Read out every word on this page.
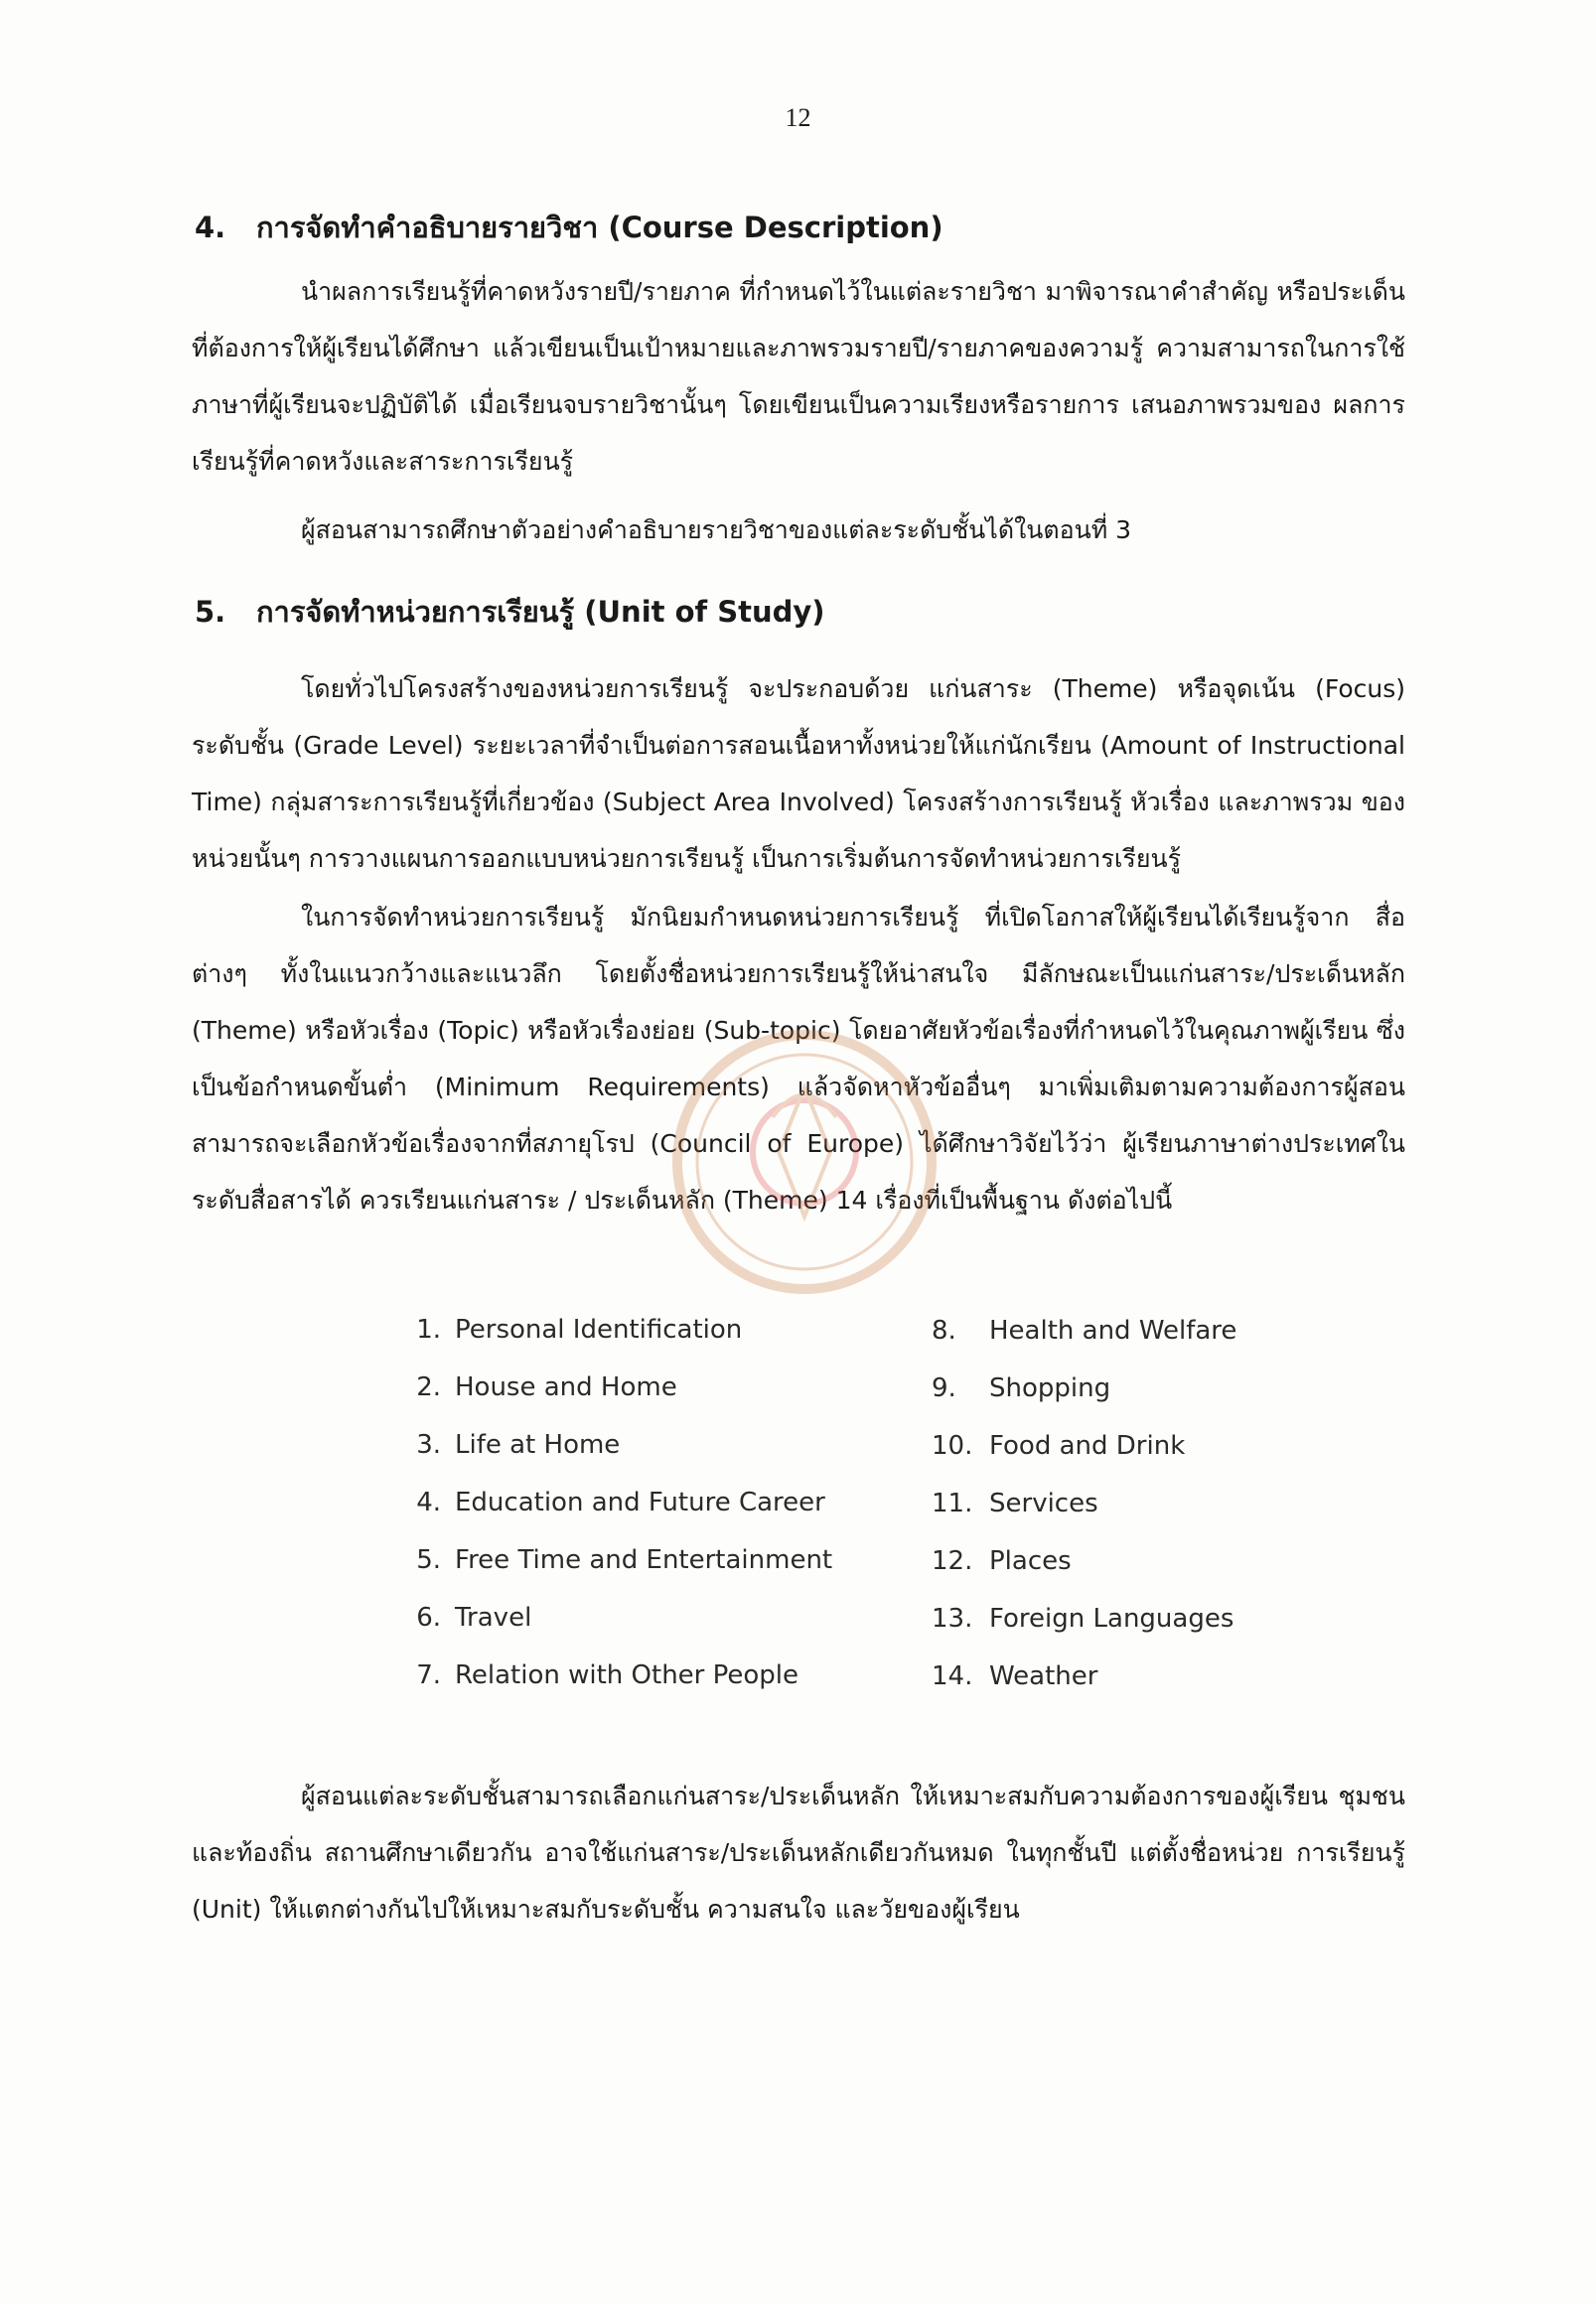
12
4. การจัดทำคำอธิบายรายวิชา (Course Description)

นำผลการเรียนรู้ที่คาดหวังรายปี/รายภาค ที่กำหนดไว้ในแต่ละรายวิชา มาพิจารณาคำสำคัญ หรือประเด็น ที่ต้องการให้ผู้เรียนได้ศึกษา แล้วเขียนเป็นเป้าหมายและภาพรวมรายปี/รายภาคของความรู้ ความสามารถในการใช้ ภาษาที่ผู้เรียนจะปฏิบัติได้ เมื่อเรียนจบรายวิชานั้นๆ โดยเขียนเป็นความเรียงหรือรายการ เสนอภาพรวมของ ผลการเรียนรู้ที่คาดหวังและสาระการเรียนรู้

ผู้สอนสามารถศึกษาตัวอย่างคำอธิบายรายวิชาของแต่ละระดับชั้นได้ในตอนที่ 3

5. การจัดทำหน่วยการเรียนรู้ (Unit of Study)

โดยทั่วไปโครงสร้างของหน่วยการเรียนรู้ จะประกอบด้วย แก่นสาระ (Theme) หรือจุดเน้น (Focus) ระดับชั้น (Grade Level) ระยะเวลาที่จำเป็นต่อการสอนเนื้อหาทั้งหน่วยให้แก่นักเรียน (Amount of Instructional Time) กลุ่มสาระการเรียนรู้ที่เกี่ยวข้อง (Subject Area Involved) โครงสร้างการเรียนรู้ หัวเรื่อง และภาพรวม ของหน่วยนั้นๆ การวางแผนการออกแบบหน่วยการเรียนรู้ เป็นการเริ่มต้นการจัดทำหน่วยการเรียนรู้

ในการจัดทำหน่วยการเรียนรู้ มักนิยมกำหนดหน่วยการเรียนรู้ ที่เปิดโอกาสให้ผู้เรียนได้เรียนรู้จาก สื่อต่างๆ ทั้งในแนวกว้างและแนวลึก โดยตั้งชื่อหน่วยการเรียนรู้ให้น่าสนใจ มีลักษณะเป็นแก่นสาระ/ประเด็นหลัก (Theme) หรือหัวเรื่อง (Topic) หรือหัวเรื่องย่อย (Sub-topic) โดยอาศัยหัวข้อเรื่องที่กำหนดไว้ในคุณภาพผู้เรียน ซึ่งเป็นข้อกำหนดขั้นต่ำ (Minimum Requirements) แล้วจัดหาหัวข้ออื่นๆ มาเพิ่มเติมตามความต้องการผู้สอน สามารถจะเลือกหัวข้อเรื่องจากที่สภายุโรป (Council of Europe) ได้ศึกษาวิจัยไว้ว่า ผู้เรียนภาษาต่างประเทศใน ระดับสื่อสารได้ ควรเรียนแก่นสาระ / ประเด็นหลัก (Theme) 14 เรื่องที่เป็นพื้นฐาน ดังต่อไปนี้

1. Personal Identification
2. House and Home
3. Life at Home
4. Education and Future Career
5. Free Time and Entertainment
6. Travel
7. Relation with Other People
8. Health and Welfare
9. Shopping
10. Food and Drink
11. Services
12. Places
13. Foreign Languages
14. Weather

ผู้สอนแต่ละระดับชั้นสามารถเลือกแก่นสาระ/ประเด็นหลัก ให้เหมาะสมกับความต้องการของผู้เรียน ชุมชน และท้องถิ่น สถานศึกษาเดียวกัน อาจใช้แก่นสาระ/ประเด็นหลักเดียวกันหมด ในทุกชั้นปี แต่ตั้งชื่อหน่วย การเรียนรู้ (Unit) ให้แตกต่างกันไปให้เหมาะสมกับระดับชั้น ความสนใจ และวัยของผู้เรียน
